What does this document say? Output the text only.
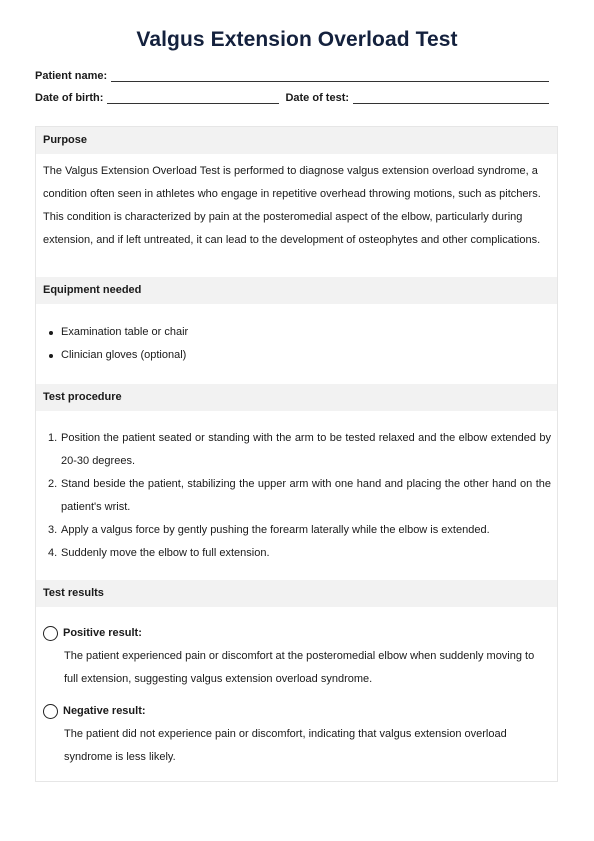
Valgus Extension Overload Test
Patient name:
Date of birth:	Date of test:
Purpose

The Valgus Extension Overload Test is performed to diagnose valgus extension overload syndrome, a condition often seen in athletes who engage in repetitive overhead throwing motions, such as pitchers. This condition is characterized by pain at the posteromedial aspect of the elbow, particularly during extension, and if left untreated, it can lead to the development of osteophytes and other complications.

Equipment needed
Examination table or chair
Clinician gloves (optional)
Test procedure
1. Position the patient seated or standing with the arm to be tested relaxed and the elbow extended by 20-30 degrees.
2. Stand beside the patient, stabilizing the upper arm with one hand and placing the other hand on the patient's wrist.
3. Apply a valgus force by gently pushing the forearm laterally while the elbow is extended.
4. Suddenly move the elbow to full extension.
Test results
Positive result:
The patient experienced pain or discomfort at the posteromedial elbow when suddenly moving to full extension, suggesting valgus extension overload syndrome.
Negative result:
The patient did not experience pain or discomfort, indicating that valgus extension overload syndrome is less likely.
